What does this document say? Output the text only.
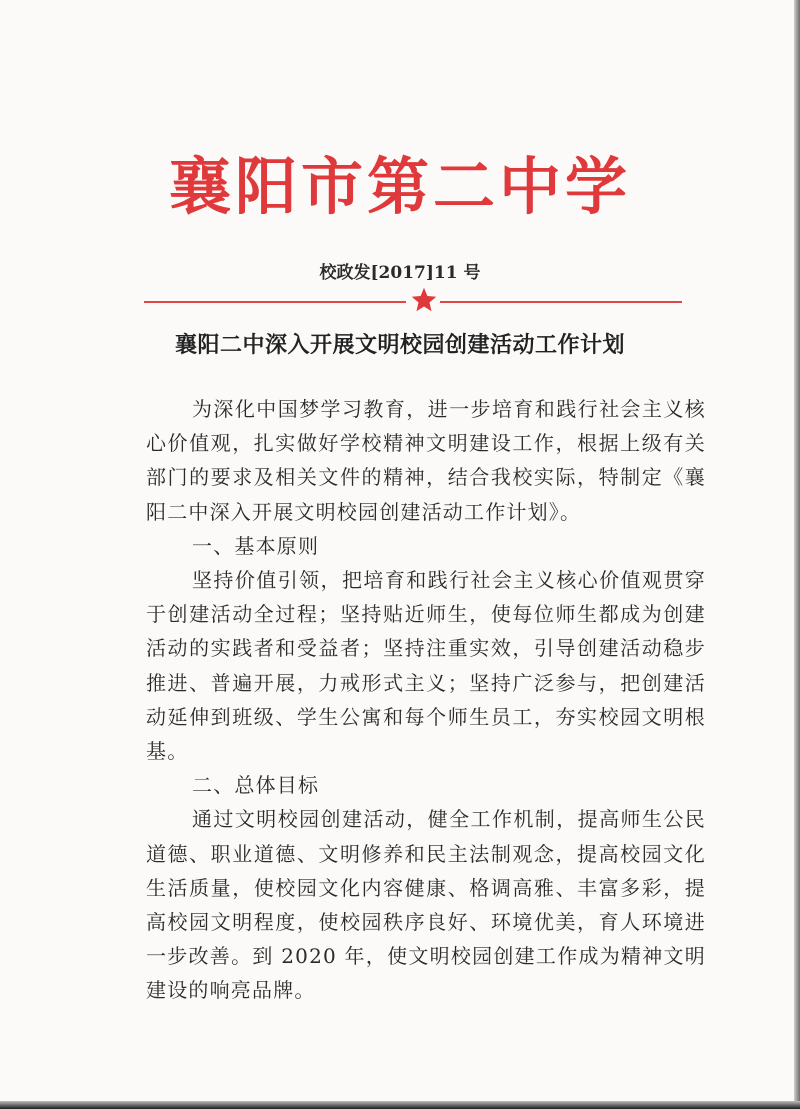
襄阳市第二中学
校政发[2017]11 号
襄阳二中深入开展文明校园创建活动工作计划

为深化中国梦学习教育，进一步培育和践行社会主义核心价值观，扎实做好学校精神文明建设工作，根据上级有关部门的要求及相关文件的精神，结合我校实际，特制定《襄阳二中深入开展文明校园创建活动工作计划》。

一、基本原则

坚持价值引领，把培育和践行社会主义核心价值观贯穿于创建活动全过程；坚持贴近师生，使每位师生都成为创建活动的实践者和受益者；坚持注重实效，引导创建活动稳步推进、普遍开展，力戒形式主义；坚持广泛参与，把创建活动延伸到班级、学生公寓和每个师生员工，夯实校园文明根基。

二、总体目标

通过文明校园创建活动，健全工作机制，提高师生公民道德、职业道德、文明修养和民主法制观念，提高校园文化生活质量，使校园文化内容健康、格调高雅、丰富多彩，提高校园文明程度，使校园秩序良好、环境优美，育人环境进一步改善。到 2020 年，使文明校园创建工作成为精神文明建设的响亮品牌。
